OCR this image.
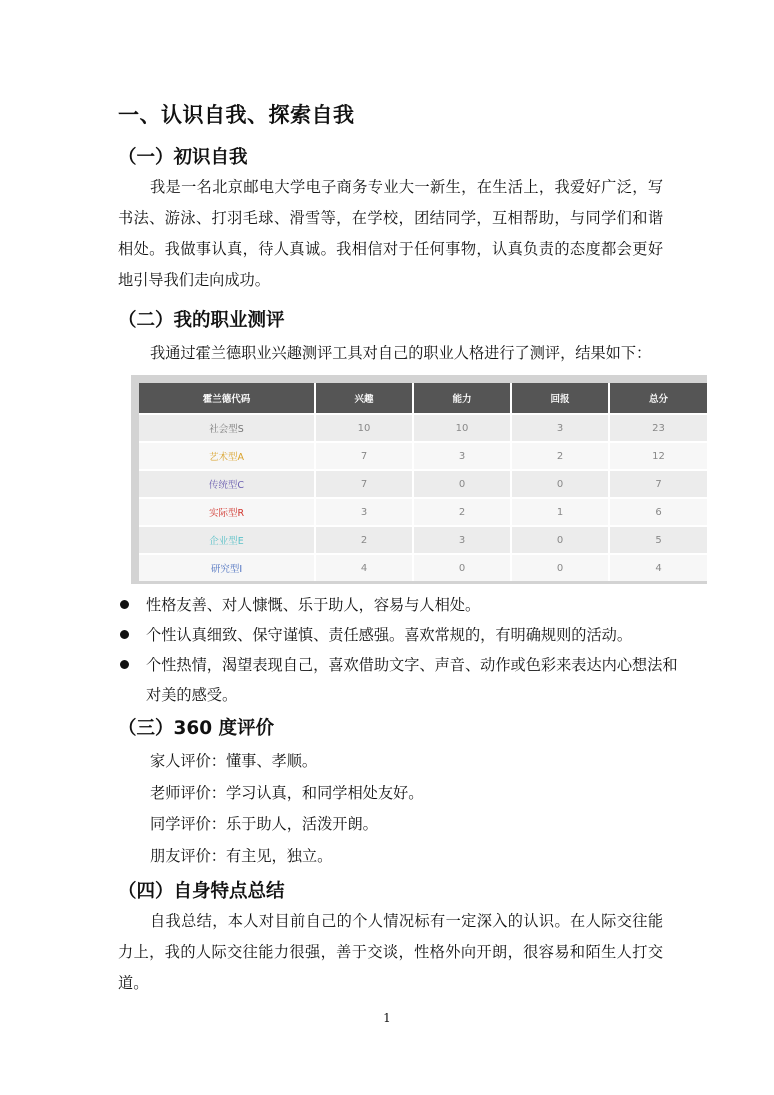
一、认识自我、探索自我
（一）初识自我

我是一名北京邮电大学电子商务专业大一新生，在生活上，我爱好广泛，写书法、游泳、打羽毛球、滑雪等，在学校，团结同学，互相帮助，与同学们和谐相处。我做事认真，待人真诚。我相信对于任何事物，认真负责的态度都会更好地引导我们走向成功。

（二）我的职业测评
我通过霍兰德职业兴趣测评工具对自己的职业人格进行了测评，结果如下：
霍兰德代码	兴趣	能力	回报	总分
社会型S	10	10	3	23
艺术型A	7	3	2	12
传统型C	7	0	0	7
实际型R	3	2	1	6
企业型E	2	3	0	5
研究型I	4	0	0	4
性格友善、对人慷慨、乐于助人，容易与人相处。
个性认真细致、保守谨慎、责任感强。喜欢常规的，有明确规则的活动。
个性热情，渴望表现自己，喜欢借助文字、声音、动作或色彩来表达内心想法和对美的感受。
（三）360 度评价
家人评价：懂事、孝顺。
老师评价：学习认真，和同学相处友好。
同学评价：乐于助人，活泼开朗。
朋友评价：有主见，独立。
（四）自身特点总结

自我总结，本人对目前自己的个人情况标有一定深入的认识。在人际交往能力上，我的人际交往能力很强，善于交谈，性格外向开朗，很容易和陌生人打交道。

1
